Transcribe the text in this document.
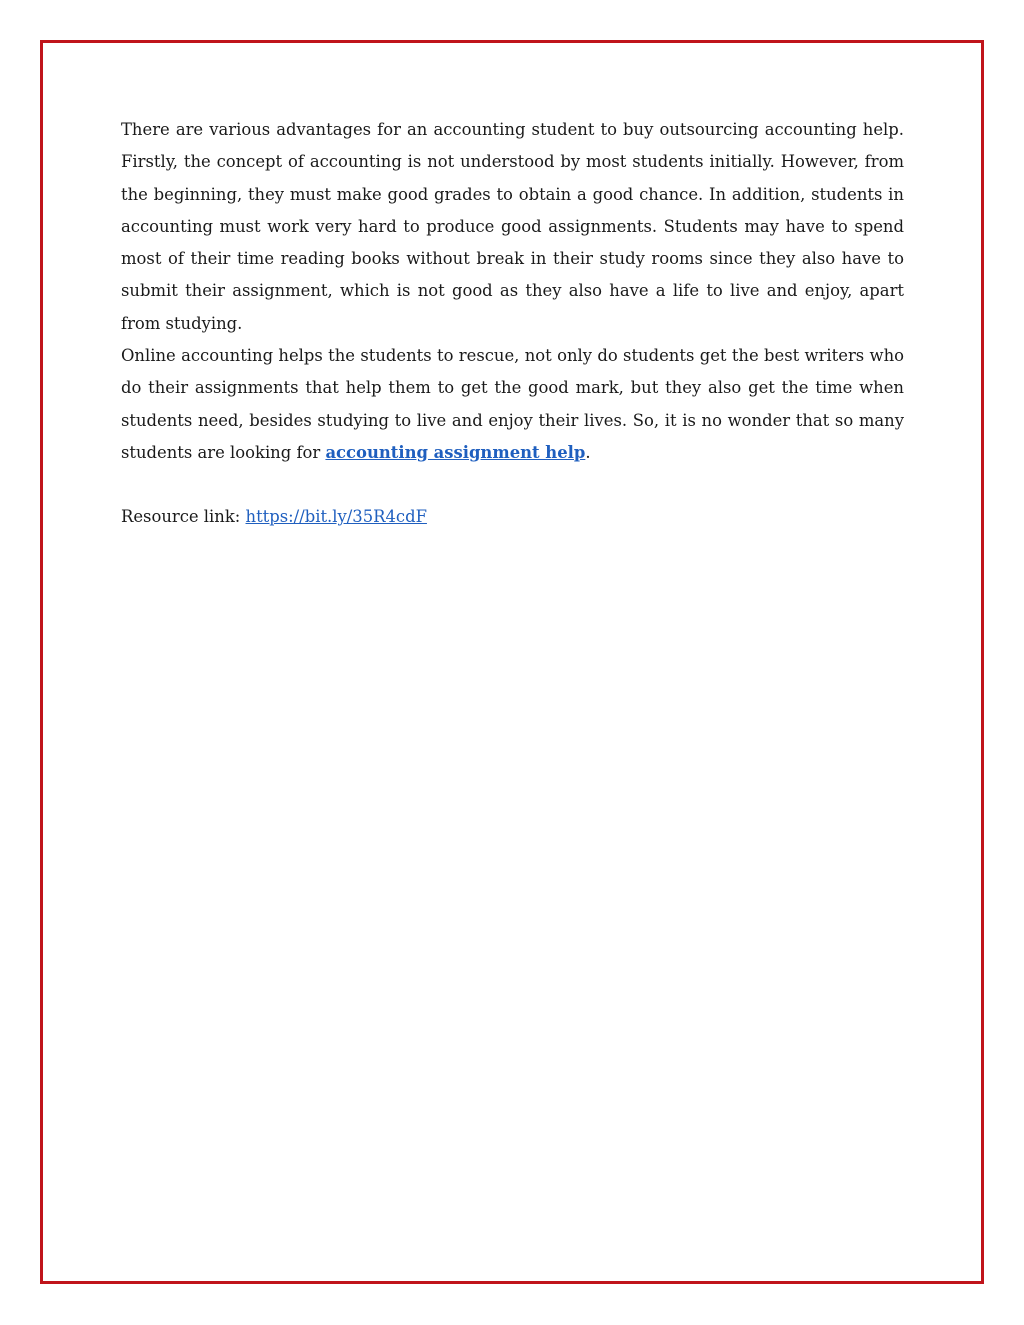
There are various advantages for an accounting student to buy outsourcing accounting help. Firstly, the concept of accounting is not understood by most students initially. However, from the beginning, they must make good grades to obtain a good chance. In addition, students in accounting must work very hard to produce good assignments. Students may have to spend most of their time reading books without break in their study rooms since they also have to submit their assignment, which is not good as they also have a life to live and enjoy, apart from studying.

Online accounting helps the students to rescue, not only do students get the best writers who do their assignments that help them to get the good mark, but they also get the time when students need, besides studying to live and enjoy their lives. So, it is no wonder that so many students are looking for accounting assignment help.

Resource link: https://bit.ly/35R4cdF
